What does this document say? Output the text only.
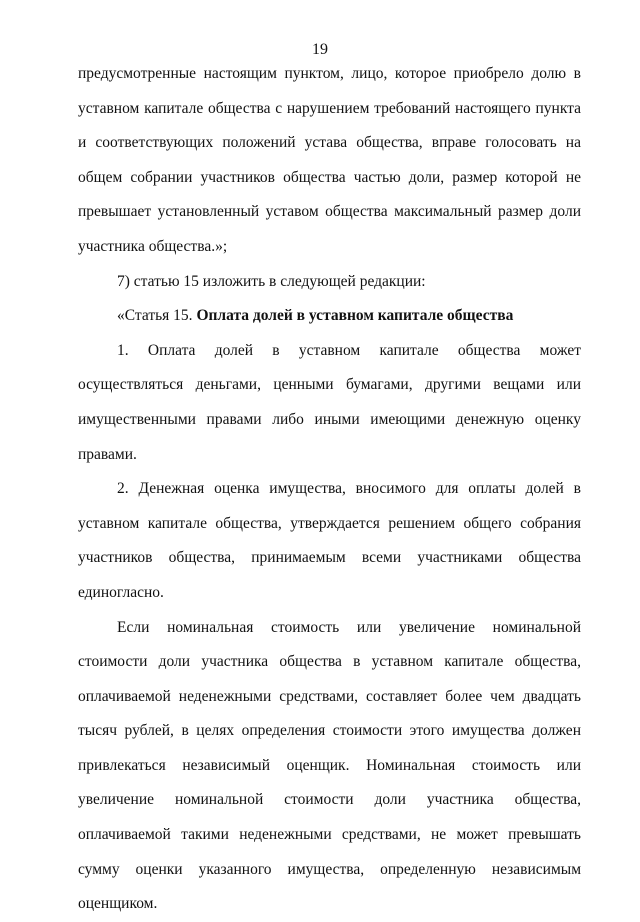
19

предусмотренные настоящим пунктом, лицо, которое приобрело долю в уставном капитале общества с нарушением требований настоящего пункта и соответствующих положений устава общества, вправе голосовать на общем собрании участников общества частью доли, размер которой не превышает установленный уставом общества максимальный размер доли участника общества.»;

7) статью 15 изложить в следующей редакции:

«Статья 15. Оплата долей в уставном капитале общества

1. Оплата долей в уставном капитале общества может осуществляться деньгами, ценными бумагами, другими вещами или имущественными правами либо иными имеющими денежную оценку правами.

2. Денежная оценка имущества, вносимого для оплаты долей в уставном капитале общества, утверждается решением общего собрания участников общества, принимаемым всеми участниками общества единогласно.

Если номинальная стоимость или увеличение номинальной стоимости доли участника общества в уставном капитале общества, оплачиваемой неденежными средствами, составляет более чем двадцать тысяч рублей, в целях определения стоимости этого имущества должен привлекаться независимый оценщик. Номинальная стоимость или увеличение номинальной стоимости доли участника общества, оплачиваемой такими неденежными средствами, не может превышать сумму оценки указанного имущества, определенную независимым оценщиком.
